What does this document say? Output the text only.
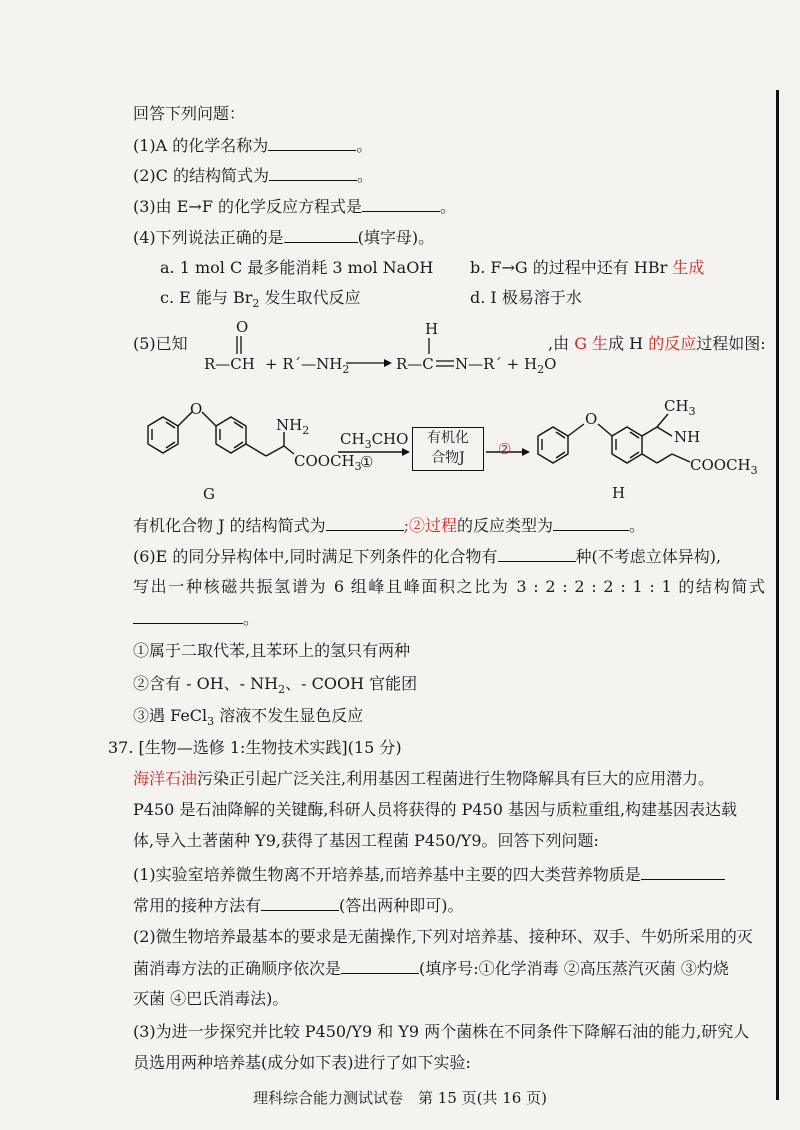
回答下列问题：
(1)A 的化学名称为	。
(2)C 的结构简式为	。
(3)由 E→F 的化学反应方程式是	。
(4)下列说法正确的是	(填字母)。
a. 1 mol C 最多能消耗 3 mol NaOH b. F→G 的过程中还有 HBr 生成
c. E 能与 $Br_2$ 发生取代反应	d. I 极易溶于水
(5)已知
O
R—CH + $R´—NH_2$
H
R—C N—R´ + $H_2O$
,由 G 生成 H 的反应过程如图:
O
$NH_2$
$COOCH_3$
$CH_3CHO$
①
有机化
合物J	②
O
$CH_3$
NH
$COOCH_3$
G	H
有机化合物 J 的结构简式为	;②过程的反应类型为	。
(6)E 的同分异构体中,同时满足下列条件的化合物有	种(不考虑立体异构),
写出一种核磁共振氢谱为 6 组峰且峰面积之比为 3 : 2 : 2 : 2 : 1 : 1 的结构简式
。
①属于二取代苯,且苯环上的氢只有两种
②含有 - OH、- $NH_2$、- COOH 官能团
③遇 FeCl$_3$ 溶液不发生显色反应
37. [生物—选修 1:生物技术实践](15 分)
海洋石油污染正引起广泛关注,利用基因工程菌进行生物降解具有巨大的应用潜力。
P450 是石油降解的关键酶,科研人员将获得的 P450 基因与质粒重组,构建基因表达载
体,导入土著菌种 Y9,获得了基因工程菌 P450/Y9。回答下列问题:
(1)实验室培养微生物离不开培养基,而培养基中主要的四大类营养物质是
常用的接种方法有	(答出两种即可)。
(2)微生物培养最基本的要求是无菌操作,下列对培养基、接种环、双手、牛奶所采用的灭
菌消毒方法的正确顺序依次是	(填序号:①化学消毒 ②高压蒸汽灭菌 ③灼烧
灭菌 ④巴氏消毒法)。
(3)为进一步探究并比较 P450/Y9 和 Y9 两个菌株在不同条件下降解石油的能力,研究人
员选用两种培养基(成分如下表)进行了如下实验:
理科综合能力测试试卷　第 15 页(共 16 页)
